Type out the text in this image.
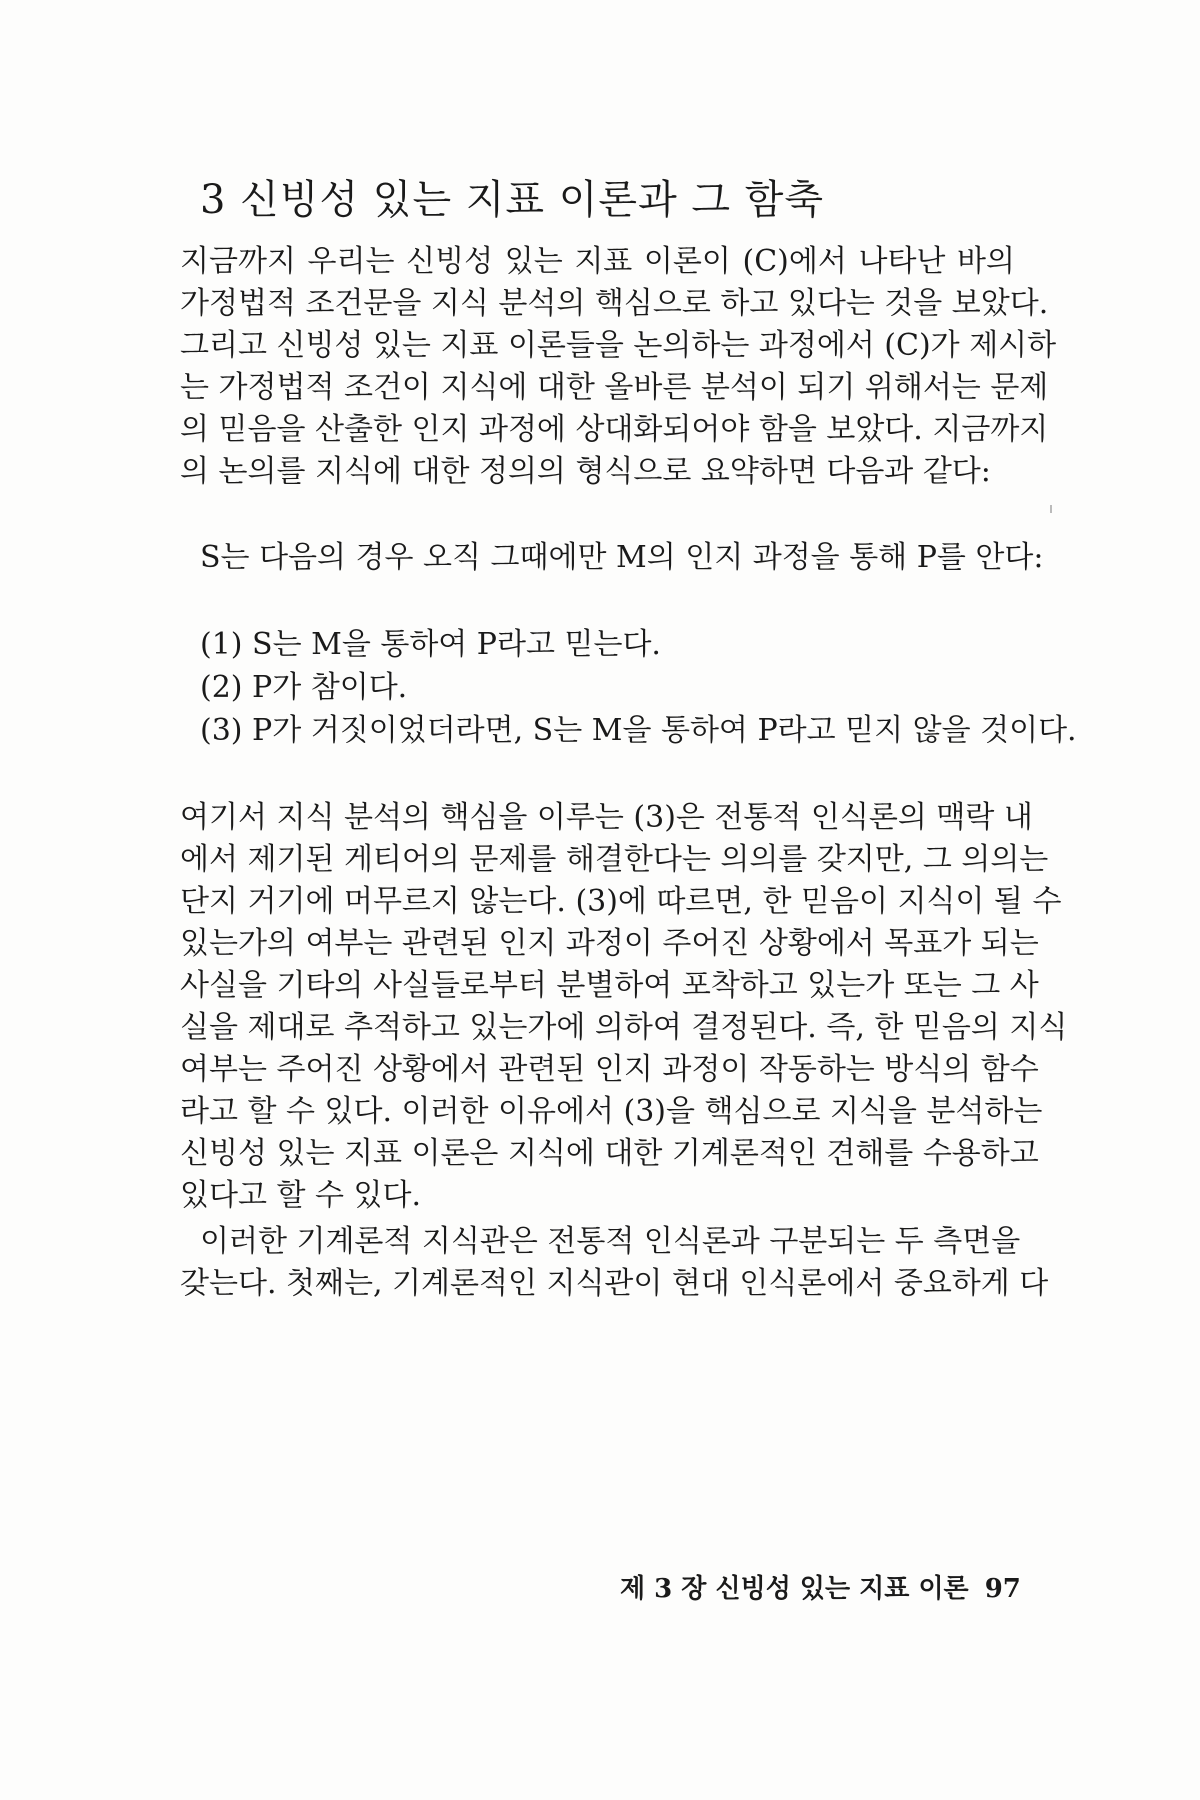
3 신빙성 있는 지표 이론과 그 함축
지금까지 우리는 신빙성 있는 지표 이론이 (C)에서 나타난 바의
가정법적 조건문을 지식 분석의 핵심으로 하고 있다는 것을 보았다.
그리고 신빙성 있는 지표 이론들을 논의하는 과정에서 (C)가 제시하
는 가정법적 조건이 지식에 대한 올바른 분석이 되기 위해서는 문제
의 믿음을 산출한 인지 과정에 상대화되어야 함을 보았다. 지금까지
의 논의를 지식에 대한 정의의 형식으로 요약하면 다음과 같다:
S는 다음의 경우 오직 그때에만 M의 인지 과정을 통해 P를 안다:
(1) S는 M을 통하여 P라고 믿는다.
(2) P가 참이다.
(3) P가 거짓이었더라면, S는 M을 통하여 P라고 믿지 않을 것이다.
여기서 지식 분석의 핵심을 이루는 (3)은 전통적 인식론의 맥락 내
에서 제기된 게티어의 문제를 해결한다는 의의를 갖지만, 그 의의는
단지 거기에 머무르지 않는다. (3)에 따르면, 한 믿음이 지식이 될 수
있는가의 여부는 관련된 인지 과정이 주어진 상황에서 목표가 되는
사실을 기타의 사실들로부터 분별하여 포착하고 있는가 또는 그 사
실을 제대로 추적하고 있는가에 의하여 결정된다. 즉, 한 믿음의 지식
여부는 주어진 상황에서 관련된 인지 과정이 작동하는 방식의 함수
라고 할 수 있다. 이러한 이유에서 (3)을 핵심으로 지식을 분석하는
신빙성 있는 지표 이론은 지식에 대한 기계론적인 견해를 수용하고
있다고 할 수 있다.
이러한 기계론적 지식관은 전통적 인식론과 구분되는 두 측면을
갖는다. 첫째는, 기계론적인 지식관이 현대 인식론에서 중요하게 다
제 3 장 신빙성 있는 지표 이론 97
